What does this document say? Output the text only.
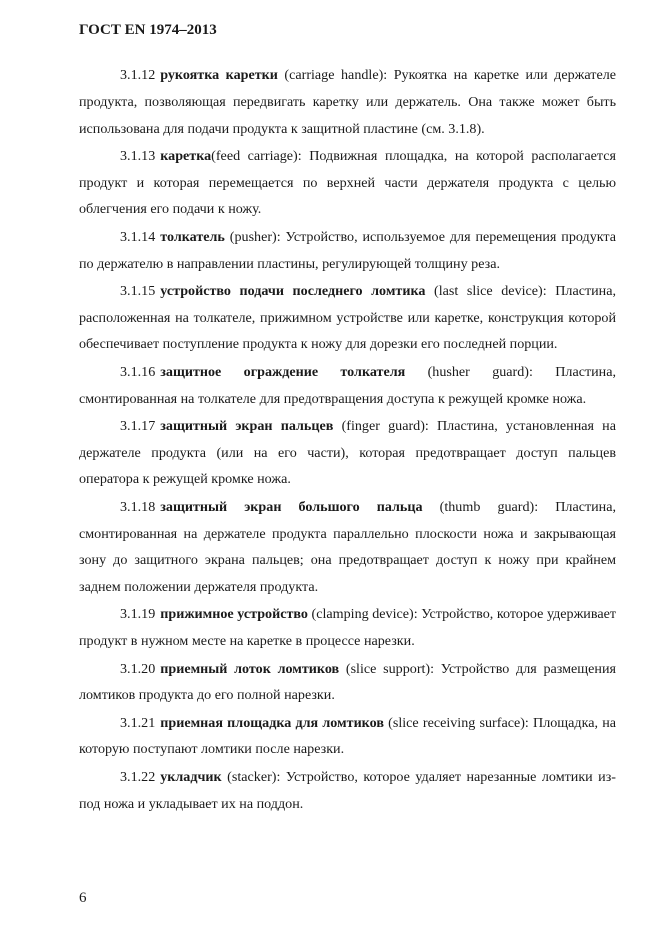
ГОСТ EN 1974–2013

3.1.12 рукоятка каретки (carriage handle): Рукоятка на каретке или держателе продукта, позволяющая передвигать каретку или держатель. Она также может быть использована для подачи продукта к защитной пластине (см. 3.1.8).

3.1.13 каретка(feed carriage): Подвижная площадка, на которой располагается продукт и которая перемещается по верхней части держателя продукта с целью облегчения его подачи к ножу.

3.1.14 толкатель (pusher): Устройство, используемое для перемещения продукта по держателю в направлении пластины, регулирующей толщину реза.

3.1.15 устройство подачи последнего ломтика (last slice device): Пластина, расположенная на толкателе, прижимном устройстве или каретке, конструкция которой обеспечивает поступление продукта к ножу для дорезки его последней порции.

3.1.16 защитное ограждение толкателя (husher guard): Пластина, смонтированная на толкателе для предотвращения доступа к режущей кромке ножа.

3.1.17 защитный экран пальцев (finger guard): Пластина, установленная на держателе продукта (или на его части), которая предотвращает доступ пальцев оператора к режущей кромке ножа.

3.1.18 защитный экран большого пальца (thumb guard): Пластина, смонтированная на держателе продукта параллельно плоскости ножа и закрывающая зону до защитного экрана пальцев; она предотвращает доступ к ножу при крайнем заднем положении держателя продукта.

3.1.19 прижимное устройство (clamping device): Устройство, которое удерживает продукт в нужном месте на каретке в процессе нарезки.

3.1.20 приемный лоток ломтиков (slice support): Устройство для размещения ломтиков продукта до его полной нарезки.

3.1.21 приемная площадка для ломтиков (slice receiving surface): Площадка, на которую поступают ломтики после нарезки.

3.1.22 укладчик (stacker): Устройство, которое удаляет нарезанные ломтики из-под ножа и укладывает их на поддон.

6
